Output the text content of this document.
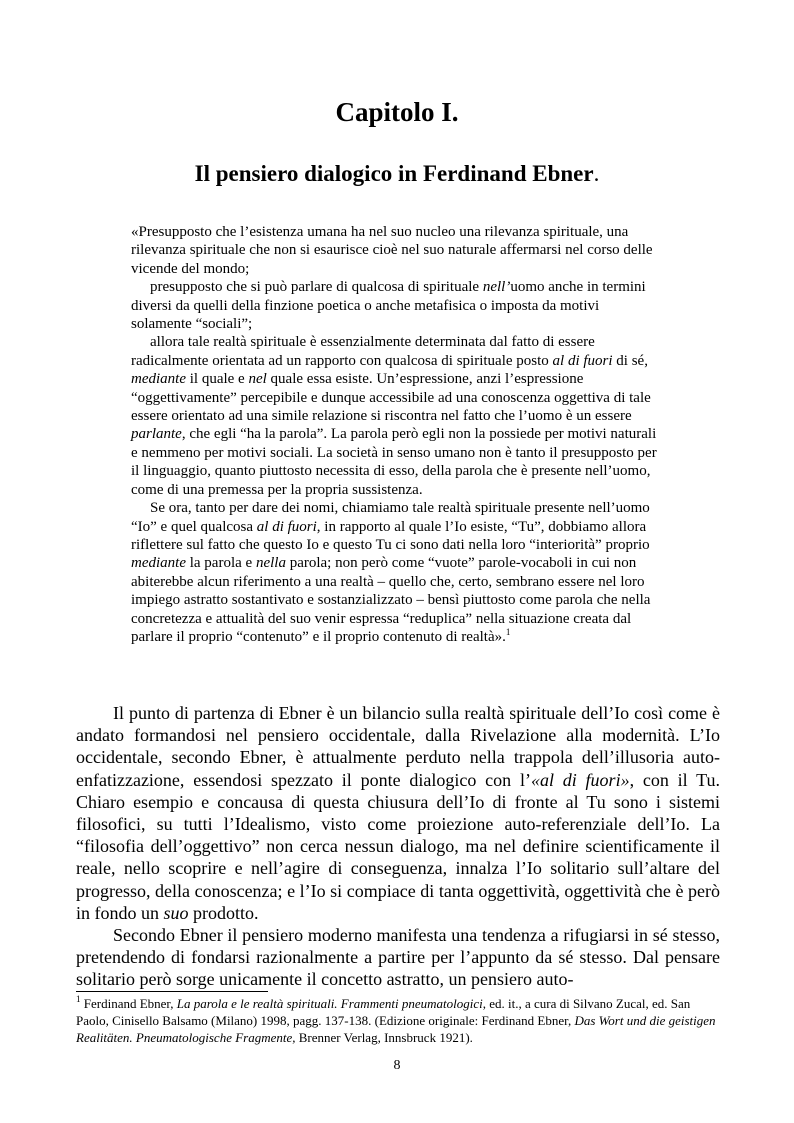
Capitolo I.
Il pensiero dialogico in Ferdinand Ebner.

«Presupposto che l’esistenza umana ha nel suo nucleo una rilevanza spirituale, una rilevanza spirituale che non si esaurisce cioè nel suo naturale affermarsi nel corso delle vicende del mondo;

presupposto che si può parlare di qualcosa di spirituale nell’uomo anche in termini diversi da quelli della finzione poetica o anche metafisica o imposta da motivi solamente “sociali”;

allora tale realtà spirituale è essenzialmente determinata dal fatto di essere radicalmente orientata ad un rapporto con qualcosa di spirituale posto al di fuori di sé, mediante il quale e nel quale essa esiste. Un’espressione, anzi l’espressione “oggettivamente” percepibile e dunque accessibile ad una conoscenza oggettiva di tale essere orientato ad una simile relazione si riscontra nel fatto che l’uomo è un essere parlante, che egli “ha la parola”. La parola però egli non la possiede per motivi naturali e nemmeno per motivi sociali. La società in senso umano non è tanto il presupposto per il linguaggio, quanto piuttosto necessita di esso, della parola che è presente nell’uomo, come di una premessa per la propria sussistenza.

Se ora, tanto per dare dei nomi, chiamiamo tale realtà spirituale presente nell’uomo “Io” e quel qualcosa al di fuori, in rapporto al quale l’Io esiste, “Tu”, dobbiamo allora riflettere sul fatto che questo Io e questo Tu ci sono dati nella loro “interiorità” proprio mediante la parola e nella parola; non però come “vuote” parole-vocaboli in cui non abiterebbe alcun riferimento a una realtà – quello che, certo, sembrano essere nel loro impiego astratto sostantivato e sostanzializzato – bensì piuttosto come parola che nella concretezza e attualità del suo venir espressa “reduplica” nella situazione creata dal parlare il proprio “contenuto” e il proprio contenuto di realtà».$^1$

Il punto di partenza di Ebner è un bilancio sulla realtà spirituale dell’Io così come è andato formandosi nel pensiero occidentale, dalla Rivelazione alla modernità. L’Io occidentale, secondo Ebner, è attualmente perduto nella trappola dell’illusoria auto-enfatizzazione, essendosi spezzato il ponte dialogico con l’«al di fuori», con il Tu. Chiaro esempio e concausa di questa chiusura dell’Io di fronte al Tu sono i sistemi filosofici, su tutti l’Idealismo, visto come proiezione auto-referenziale dell’Io. La “filosofia dell’oggettivo” non cerca nessun dialogo, ma nel definire scientificamente il reale, nello scoprire e nell’agire di conseguenza, innalza l’Io solitario sull’altare del progresso, della conoscenza; e l’Io si compiace di tanta oggettività, oggettività che è però in fondo un suo prodotto.

Secondo Ebner il pensiero moderno manifesta una tendenza a rifugiarsi in sé stesso, pretendendo di fondarsi razionalmente a partire per l’appunto da sé stesso. Dal pensare solitario però sorge unicamente il concetto astratto, un pensiero auto-

$^1$ Ferdinand Ebner, La parola e le realtà spirituali. Frammenti pneumatologici, ed. it., a cura di Silvano Zucal, ed. San Paolo, Cinisello Balsamo (Milano) 1998, pagg. 137-138. (Edizione originale: Ferdinand Ebner, Das Wort und die geistigen Realitäten. Pneumatologische Fragmente, Brenner Verlag, Innsbruck 1921).
8
